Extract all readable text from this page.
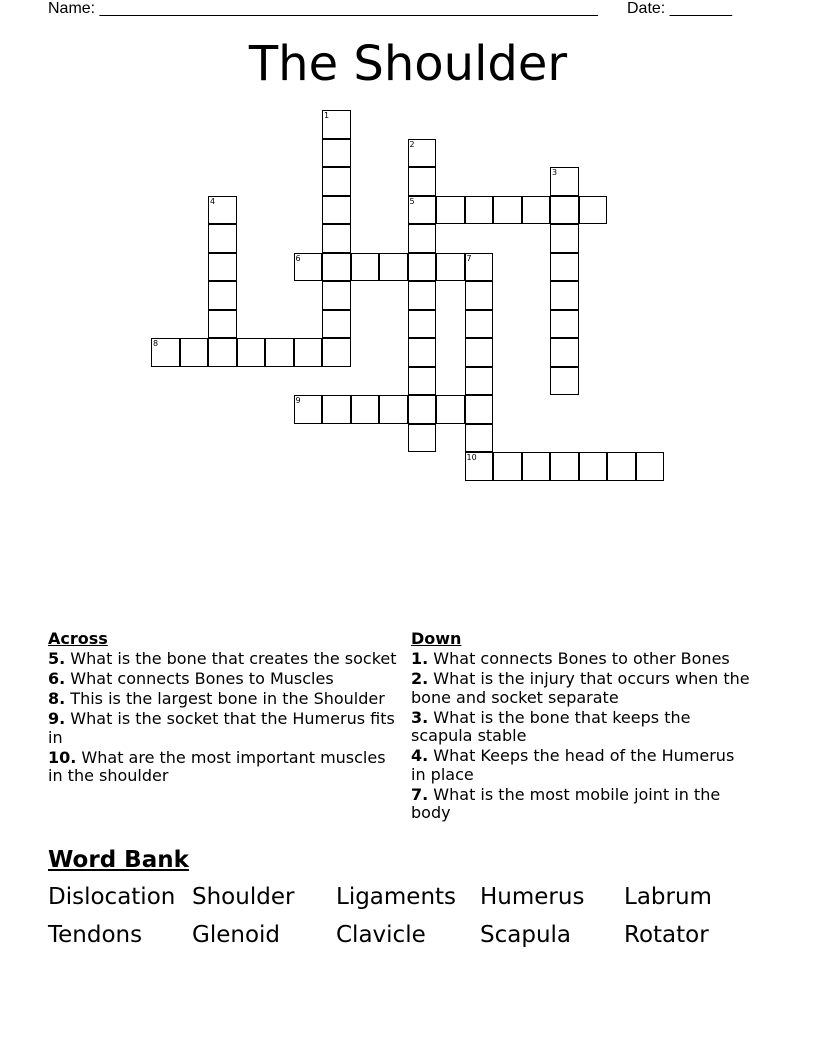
Name: ________________________________________________________ Date: _______
The Shoulder
1
2
5
3
4
6	7
10
8
9
Across
5. What is the bone that creates the socket
6. What connects Bones to Muscles
8. This is the largest bone in the Shoulder
9. What is the socket that the Humerus fits in
10. What are the most important muscles in the shoulder
Down
1. What connects Bones to other Bones
2. What is the injury that occurs when the bone and socket separate
3. What is the bone that keeps the scapula stable
4. What Keeps the head of the Humerus in place
7. What is the most mobile joint in the body
Word Bank
Dislocation Shoulder Ligaments Humerus Labrum
Tendons Glenoid Clavicle Scapula Rotator
